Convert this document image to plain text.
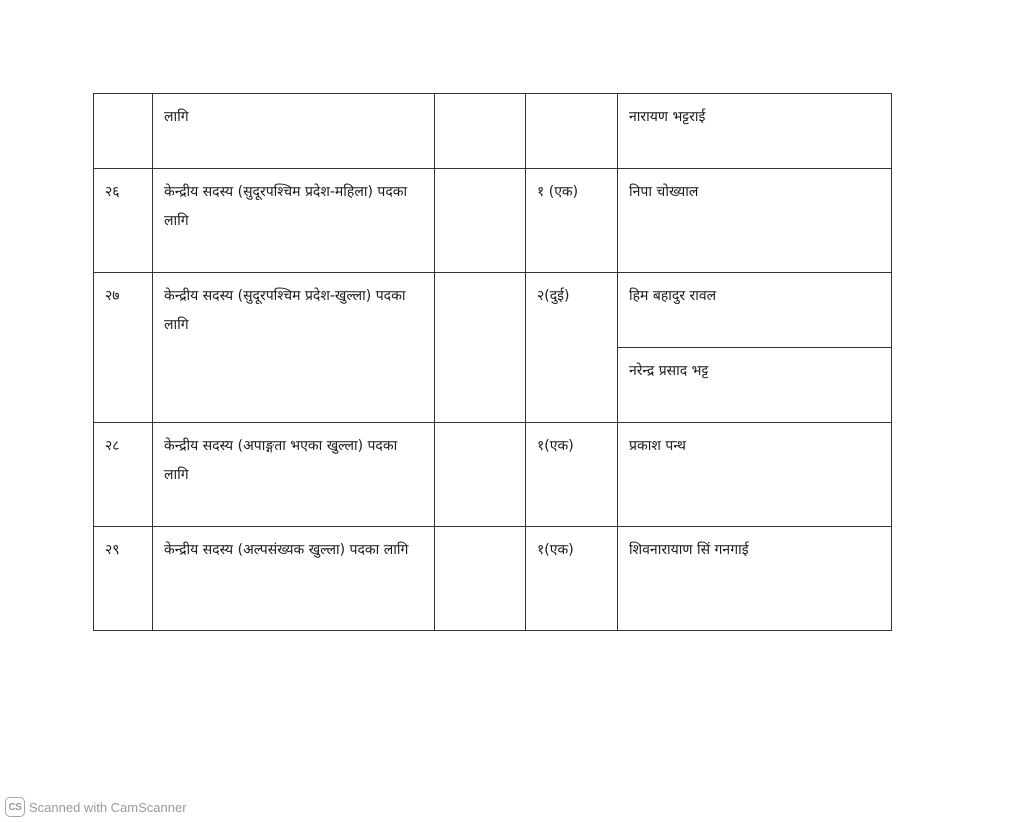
	लागि			नारायण भट्टराई
२६	केन्द्रीय सदस्य (सुदूरपश्चिम प्रदेश-महिला) पदका लागि		१ (एक)	निपा चोख्याल
२७	केन्द्रीय सदस्य (सुदूरपश्चिम प्रदेश-खुल्ला) पदका लागि		२(दुई)	हिम बहादुर रावल
				नरेन्द्र प्रसाद भट्ट
२८	केन्द्रीय सदस्य (अपाङ्गता भएका खुल्ला) पदका लागि		१(एक)	प्रकाश पन्थ
२९	केन्द्रीय सदस्य (अल्पसंख्यक खुल्ला) पदका लागि		१(एक)	शिवनारायाण सिं गनगाई
CS Scanned with CamScanner
